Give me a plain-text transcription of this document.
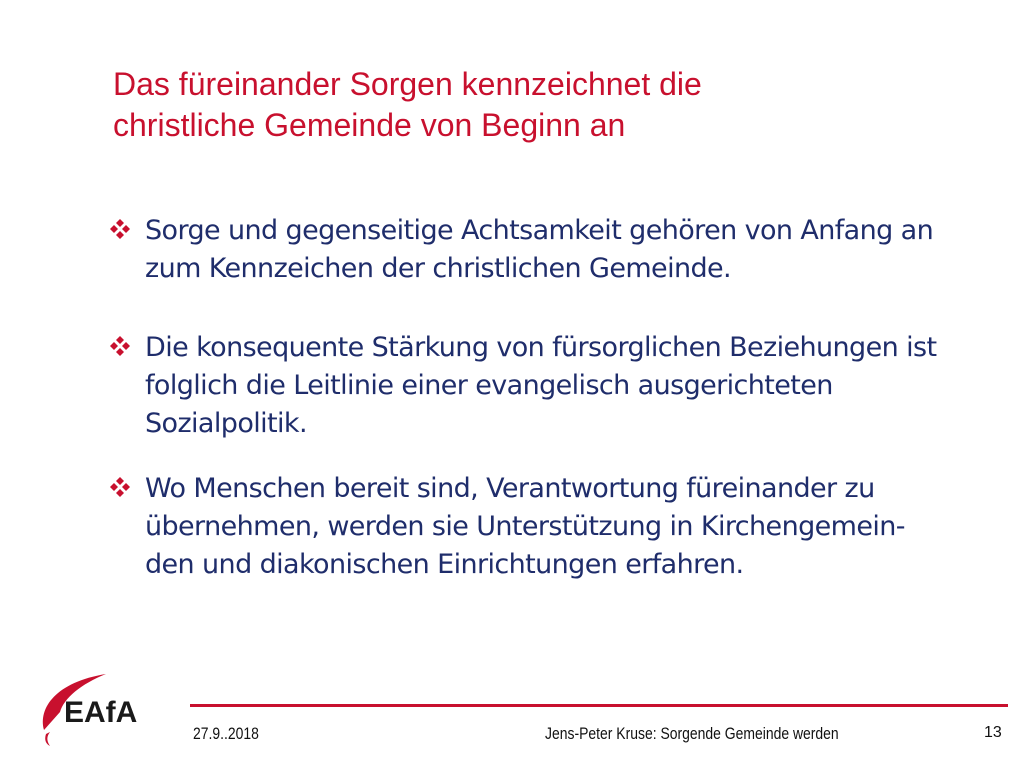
Das füreinander Sorgen kennzeichnet die
christliche Gemeinde von Beginn an
Sorge und gegenseitige Achtsamkeit gehören von Anfang an
zum Kennzeichen der christlichen Gemeinde.
Die konsequente Stärkung von fürsorglichen Beziehungen ist
folglich die Leitlinie einer evangelisch ausgerichteten
Sozialpolitik.
Wo Menschen bereit sind, Verantwortung füreinander zu
übernehmen, werden sie Unterstützung in Kirchengemein-
den und diakonischen Einrichtungen erfahren.
EAfA
27.9..2018	Jens-Peter Kruse: Sorgende Gemeinde werden	13
